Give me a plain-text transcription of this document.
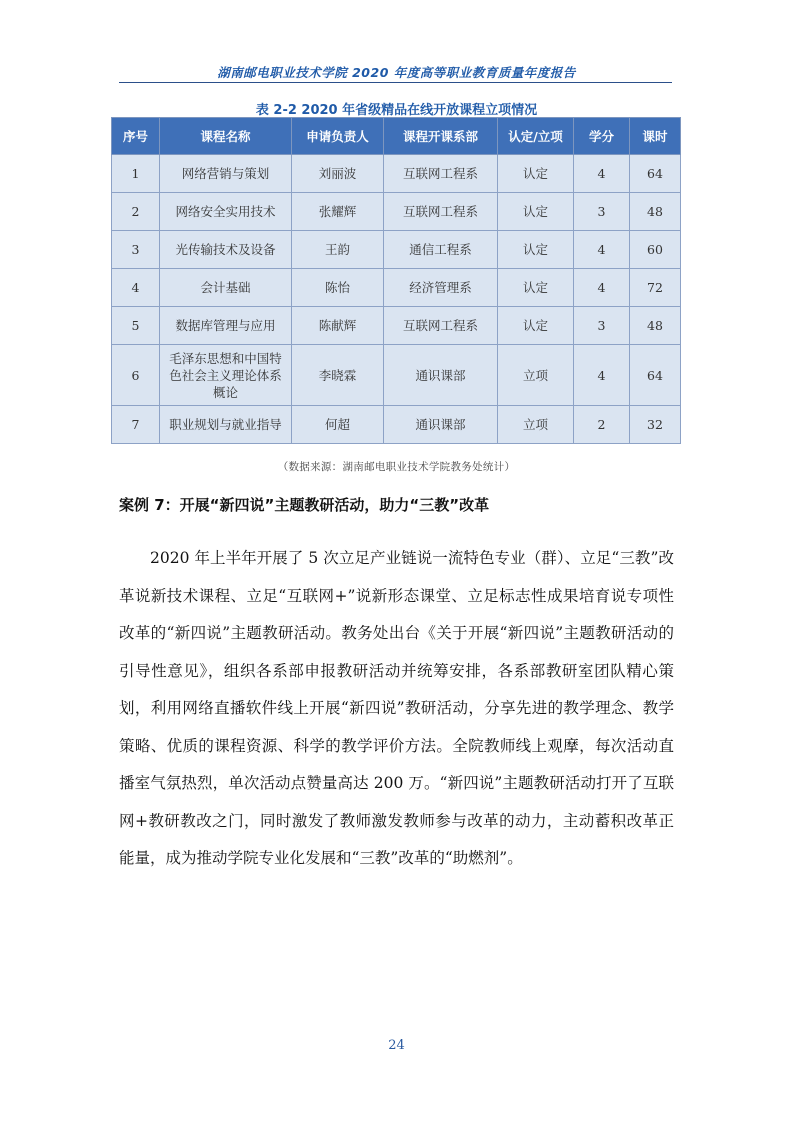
湖南邮电职业技术学院 2020 年度高等职业教育质量年度报告
表 2-2 2020 年省级精品在线开放课程立项情况
序号	课程名称	申请负责人	课程开课系部	认定/立项	学分	课时
1	网络营销与策划	刘丽波	互联网工程系	认定	4	64
2	网络安全实用技术	张耀辉	互联网工程系	认定	3	48
3	光传输技术及设备	王韵	通信工程系	认定	4	60
4	会计基础	陈怡	经济管理系	认定	4	72
5	数据库管理与应用	陈献辉	互联网工程系	认定	3	48
6	毛泽东思想和中国特色社会主义理论体系概论	李晓霖	通识课部	立项	4	64
7	职业规划与就业指导	何超	通识课部	立项	2	32
（数据来源：湖南邮电职业技术学院教务处统计）
案例 7：开展“新四说”主题教研活动，助力“三教”改革

2020 年上半年开展了 5 次立足产业链说一流特色专业（群）、立足“三教”改革说新技术课程、立足“互联网+”说新形态课堂、立足标志性成果培育说专项性改革的“新四说”主题教研活动。教务处出台《关于开展“新四说”主题教研活动的引导性意见》，组织各系部申报教研活动并统筹安排，各系部教研室团队精心策划，利用网络直播软件线上开展“新四说”教研活动，分享先进的教学理念、教学策略、优质的课程资源、科学的教学评价方法。全院教师线上观摩，每次活动直播室气氛热烈，单次活动点赞量高达 200 万。“新四说”主题教研活动打开了互联网+教研教改之门，同时激发了教师激发教师参与改革的动力，主动蓄积改革正能量，成为推动学院专业化发展和“三教”改革的“助燃剂”。

24
